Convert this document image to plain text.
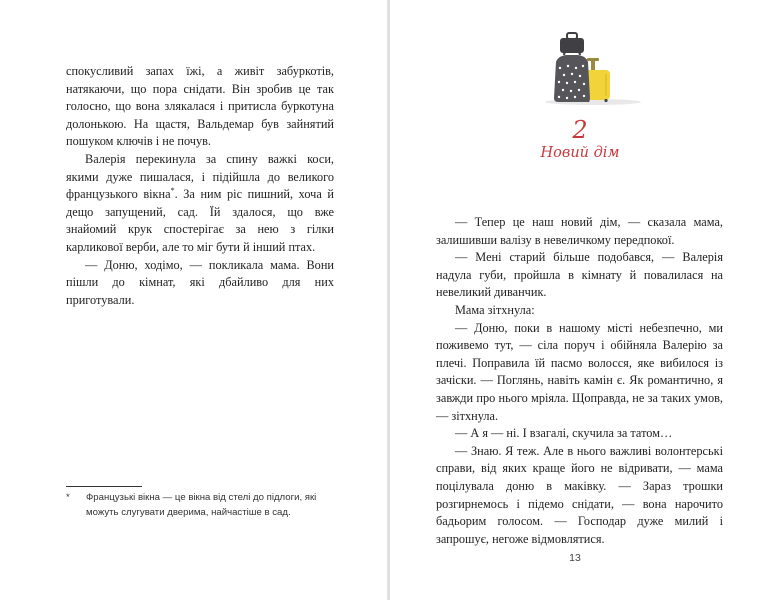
спокусливий запах їжі, а живіт забуркотів, натякаючи, що пора снідати. Він зробив це так голосно, що вона злякалася і притисла буркотуна долонькою. На щастя, Вальдемар був зайнятий пошуком ключів і не почув.

Валерія перекинула за спину важкі коси, якими дуже пишалася, і підійшла до великого французького вікна*. За ним ріс пишний, хоча й дещо запущений, сад. Їй здалося, що вже знайомий крук спостерігає за нею з гілки карликової верби, але то міг бути й інший птах.

— Доню, ходімо, — покликала мама. Вони пішли до кімнат, які дбайливо для них приготували.

*	Французькі вікна — це вікна від стелі до підлоги, які можуть слугувати дверима, найчастіше в сад.
2
Новий дім

— Тепер це наш новий дім, — сказала мама, залишивши валізу в невеличкому передпокої.

— Мені старий більше подобався, — Валерія надула губи, пройшла в кімнату й повалилася на невеликий диванчик.

Мама зітхнула:

— Доню, поки в нашому місті небезпечно, ми поживемо тут, — сіла поруч і обійняла Валерію за плечі. Поправила їй пасмо волосся, яке вибилося із зачіски. — Поглянь, навіть камін є. Як романтично, я завжди про нього мріяла. Щоправда, не за таких умов, — зітхнула.

— А я — ні. І взагалі, скучила за татом…

— Знаю. Я теж. Але в нього важливі волонтерські справи, від яких краще його не відривати, — мама поцілувала доню в маківку. — Зараз трошки розгирнемось і підемо снідати, — вона нарочито бадьорим голосом. — Господар дуже милий і запрошує, негоже відмовлятися.

13
